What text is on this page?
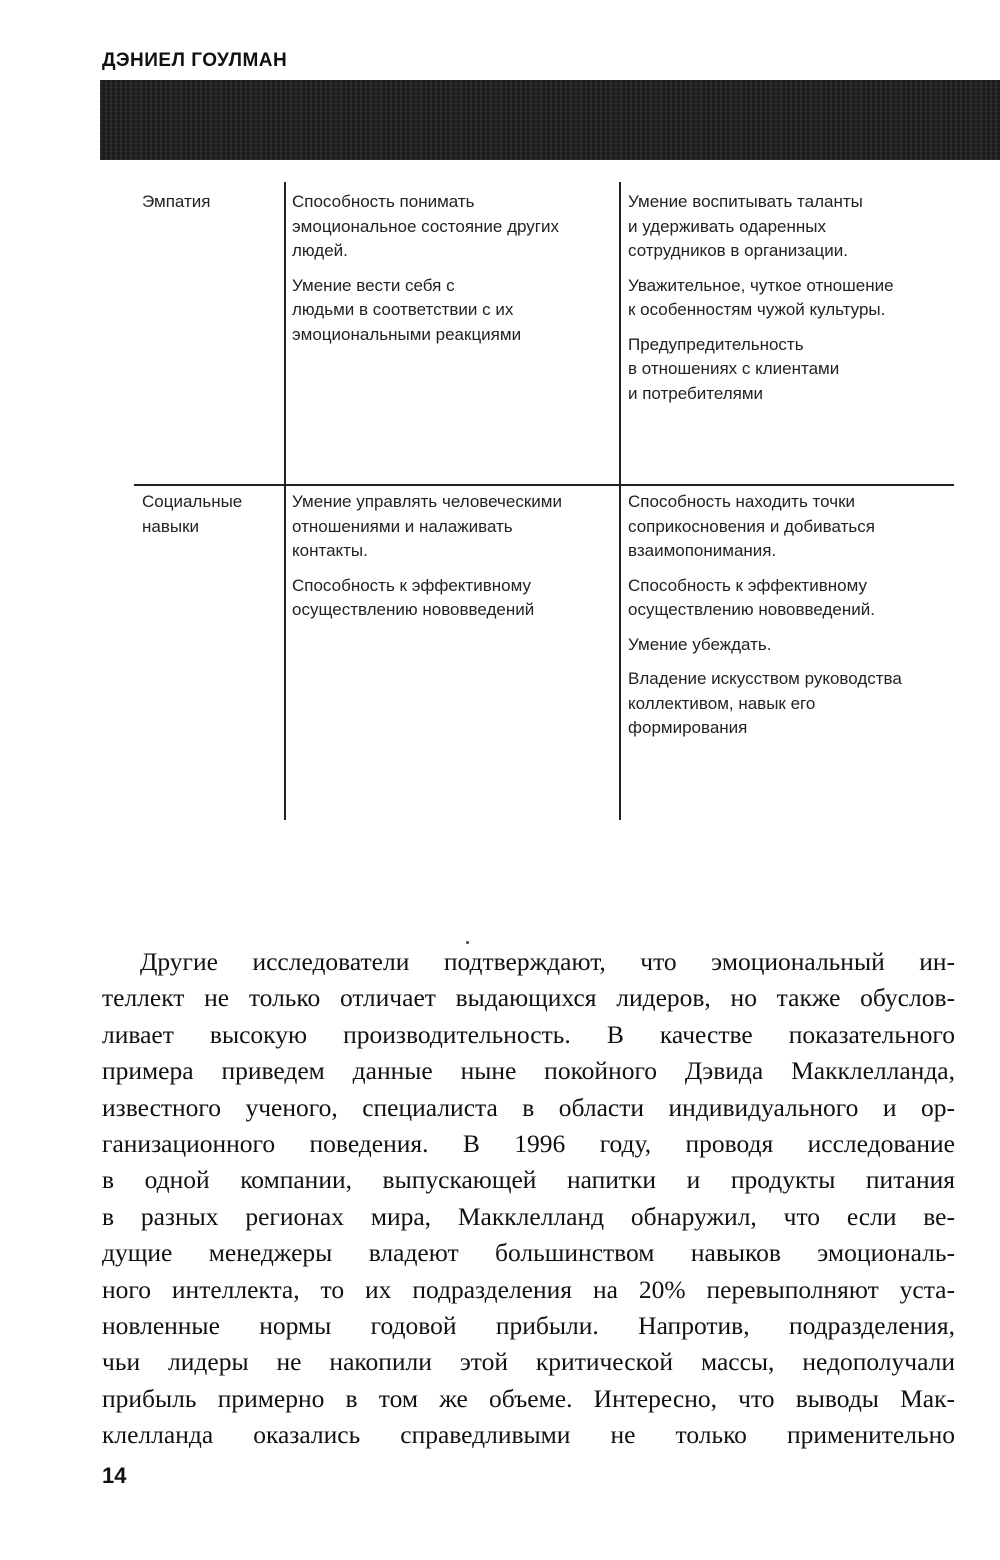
ДЭНИЕЛ ГОУЛМАН
Эмпатия	Способность понимать
эмоциональное состояние других
людей.

Умение вести себя с
людьми в соответствии с их
эмоциональными реакциями

Умение воспитывать таланты
и удерживать одаренных
сотрудников в организации.

Уважительное, чуткое отношение
к особенностям чужой культуры.

Предупредительность
в отношениях с клиентами
и потребителями

Социальные
навыки

Умение управлять человеческими
отношениями и налаживать
контакты.

Способность к эффективному
осуществлению нововведений

Способность находить точки
соприкосновения и добиваться
взаимопонимания.

Способность к эффективному
осуществлению нововведений.

Умение убеждать.

Владение искусством руководства
коллективом, навык его
формирования

Другие исследователи подтверждают, что эмоциональный ин-
теллект не только отличает выдающихся лидеров, но также обуслов-
ливает высокую производительность. В качестве показательного
примера приведем данные ныне покойного Дэвида Макклелланда,
известного ученого, специалиста в области индивидуального и ор-
ганизационного поведения. В 1996 году, проводя исследование
в одной компании, выпускающей напитки и продукты питания
в разных регионах мира, Макклелланд обнаружил, что если ве-
дущие менеджеры владеют большинством навыков эмоциональ-
ного интеллекта, то их подразделения на 20% перевыполняют уста-
новленные нормы годовой прибыли. Напротив, подразделения,
чьи лидеры не накопили этой критической массы, недополучали
прибыль примерно в том же объеме. Интересно, что выводы Мак-
клелланда оказались справедливыми не только применительно
14
